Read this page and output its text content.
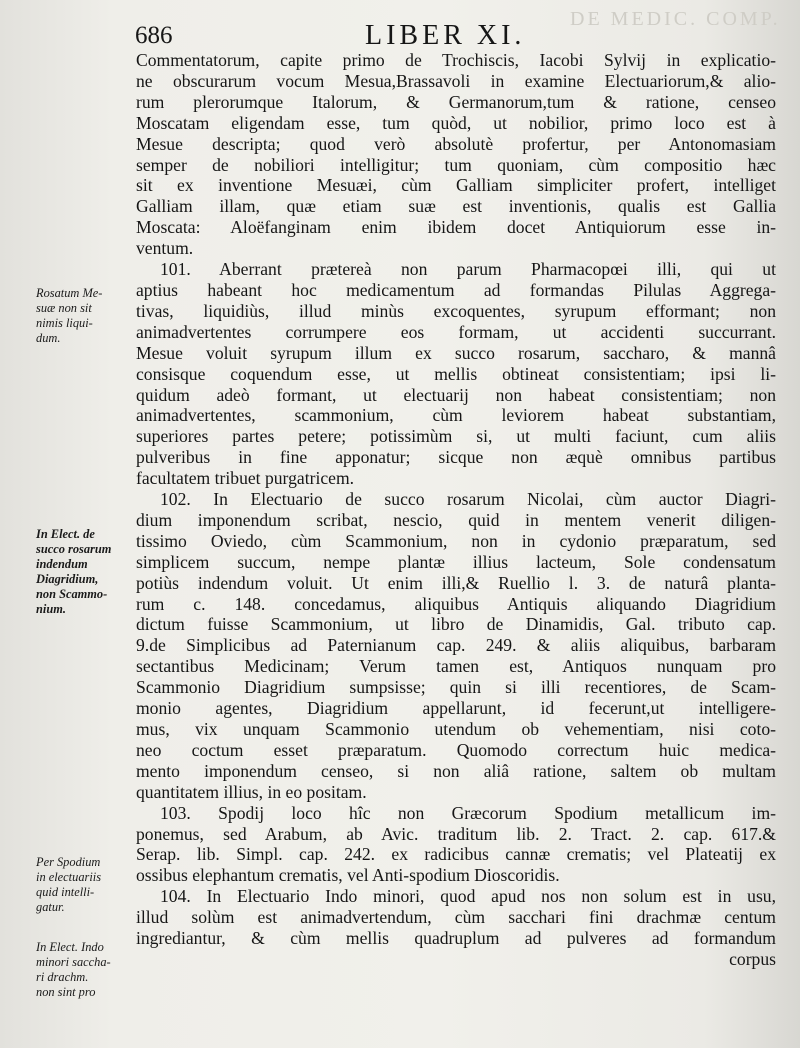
DE MEDIC. COMP.
686	LIBER XI.
Rosatum Me-
suæ non sit
nimis liqui-
dum.
In Elect. de
succo rosarum
indendum
Diagridium,
non Scammo-
nium.
Per Spodium
in electuariis
quid intelli-
gatur.
In Elect. Indo
minori saccha-
ri drachm.
non sint pro
Commentatorum, capite primo de Trochiscis, Iacobi Sylvij in explicatio-
ne obscurarum vocum Mesua,Brassavoli in examine Electuariorum,& alio-
rum plerorumque Italorum, & Germanorum,tum & ratione, censeo
Moscatam eligendam esse, tum quòd, ut nobilior, primo loco est à
Mesue descripta; quod verò absolutè profertur, per Antonomasiam
semper de nobiliori intelligitur; tum quoniam, cùm compositio hæc
sit ex inventione Mesuæi, cùm Galliam simpliciter profert, intelliget
Galliam illam, quæ etiam suæ est inventionis, qualis est Gallia
Moscata: Aloëfanginam enim ibidem docet Antiquiorum esse in-
ventum.
101. Aberrant prætereà non parum Pharmacopœi illi, qui ut
aptius habeant hoc medicamentum ad formandas Pilulas Aggrega-
tivas, liquidiùs, illud minùs excoquentes, syrupum efformant; non
animadvertentes corrumpere eos formam, ut accidenti succurrant.
Mesue voluit syrupum illum ex succo rosarum, saccharo, & mannâ
consisque coquendum esse, ut mellis obtineat consistentiam; ipsi li-
quidum adeò formant, ut electuarij non habeat consistentiam; non
animadvertentes, scammonium, cùm leviorem habeat substantiam,
superiores partes petere; potissimùm si, ut multi faciunt, cum aliis
pulveribus in fine apponatur; sicque non æquè omnibus partibus
facultatem tribuet purgatricem.
102. In Electuario de succo rosarum Nicolai, cùm auctor Diagri-
dium imponendum scribat, nescio, quid in mentem venerit diligen-
tissimo Oviedo, cùm Scammonium, non in cydonio præparatum, sed
simplicem succum, nempe plantæ illius lacteum, Sole condensatum
potiùs indendum voluit. Ut enim illi,& Ruellio l. 3. de naturâ planta-
rum c. 148. concedamus, aliquibus Antiquis aliquando Diagridium
dictum fuisse Scammonium, ut libro de Dinamidis, Gal. tributo cap.
9.de Simplicibus ad Paternianum cap. 249. & aliis aliquibus, barbaram
sectantibus Medicinam; Verum tamen est, Antiquos nunquam pro
Scammonio Diagridium sumpsisse; quin si illi recentiores, de Scam-
monio agentes, Diagridium appellarunt, id fecerunt,ut intelligere-
mus, vix unquam Scammonio utendum ob vehementiam, nisi coto-
neo coctum esset præparatum. Quomodo correctum huic medica-
mento imponendum censeo, si non aliâ ratione, saltem ob multam
quantitatem illius, in eo positam.
103. Spodij loco hîc non Græcorum Spodium metallicum im-
ponemus, sed Arabum, ab Avic. traditum lib. 2. Tract. 2. cap. 617.&
Serap. lib. Simpl. cap. 242. ex radicibus cannæ crematis; vel Plateatij ex
ossibus elephantum crematis, vel Anti-spodium Dioscoridis.
104. In Electuario Indo minori, quod apud nos non solum est in usu,
illud solùm est animadvertendum, cùm sacchari fini drachmæ centum
ingrediantur, & cùm mellis quadruplum ad pulveres ad formandum
corpus
